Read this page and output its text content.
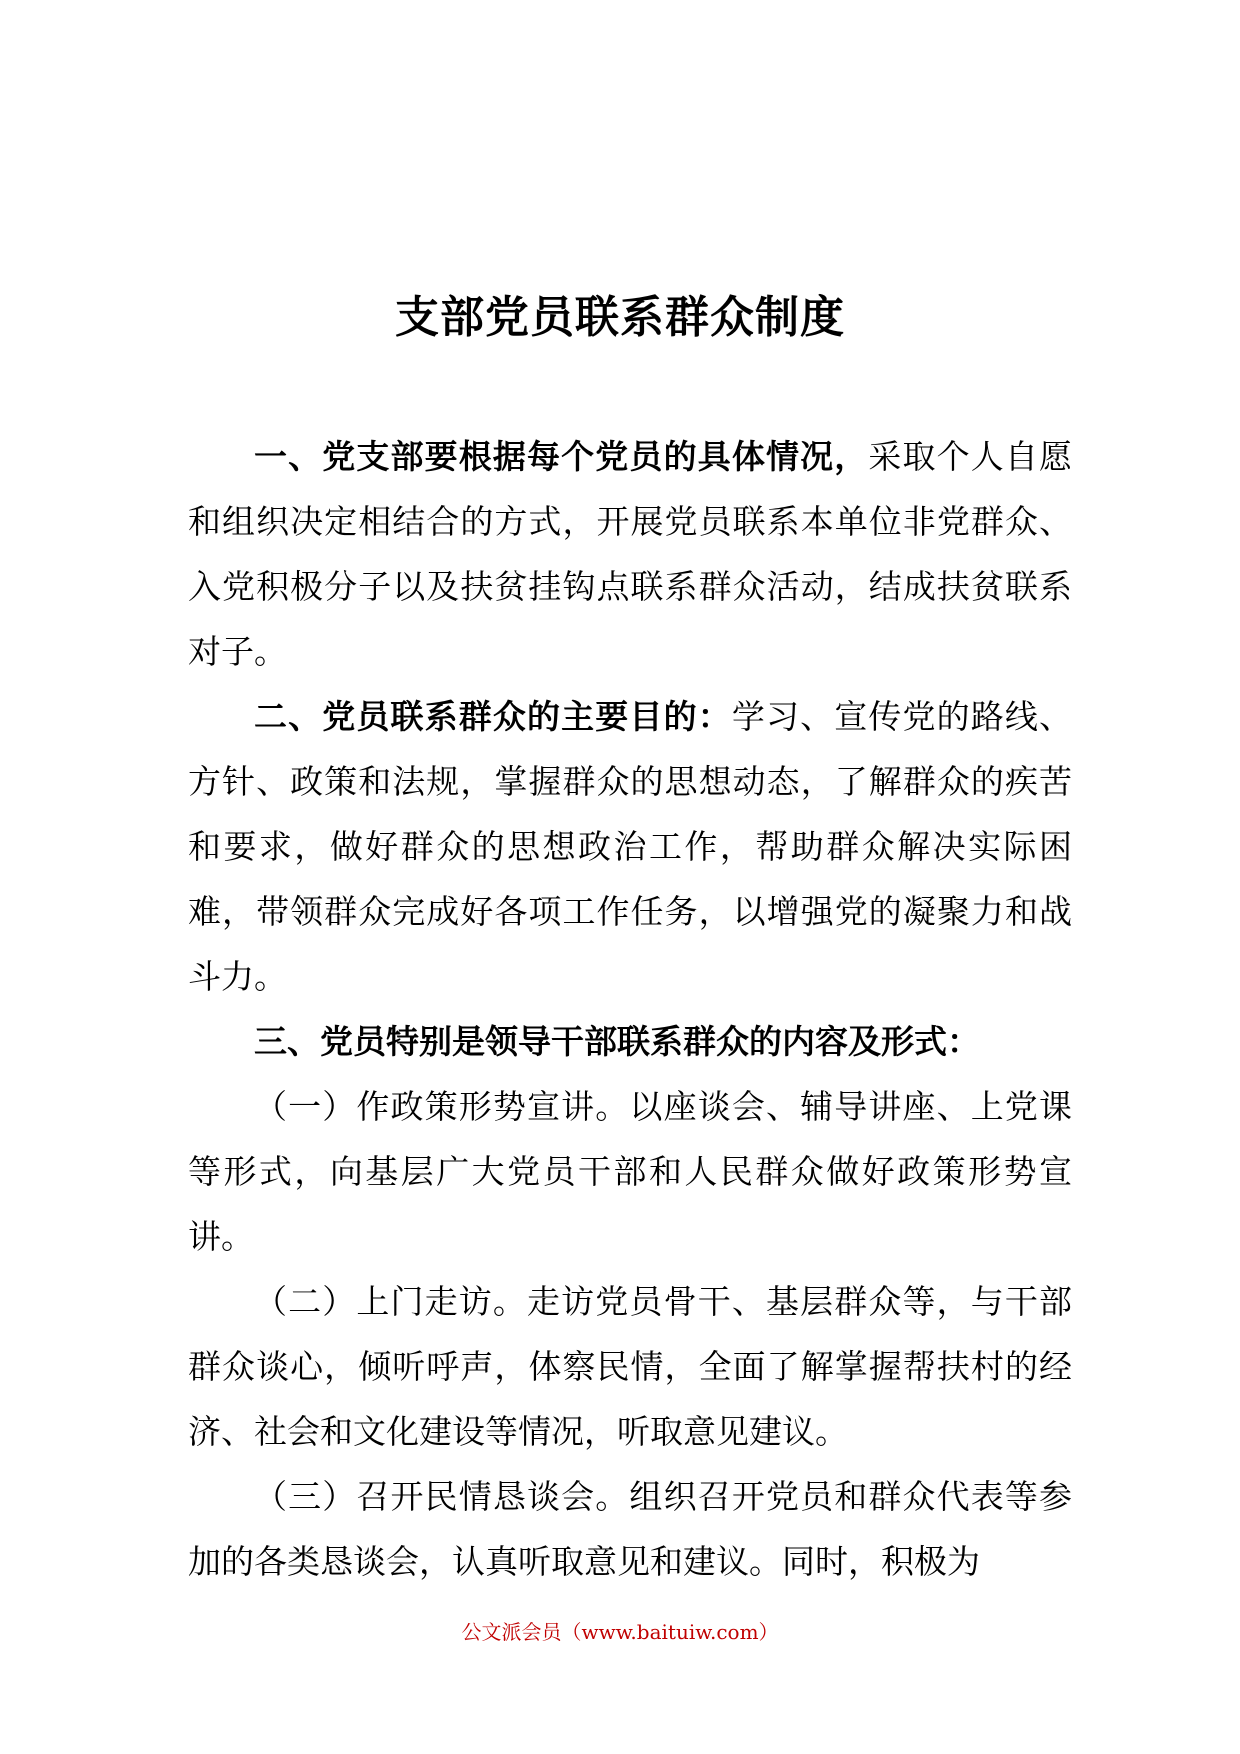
支部党员联系群众制度

一、党支部要根据每个党员的具体情况，采取个人自愿和组织决定相结合的方式，开展党员联系本单位非党群众、入党积极分子以及扶贫挂钩点联系群众活动，结成扶贫联系对子。

二、党员联系群众的主要目的：学习、宣传党的路线、方针、政策和法规，掌握群众的思想动态，了解群众的疾苦和要求，做好群众的思想政治工作，帮助群众解决实际困难，带领群众完成好各项工作任务，以增强党的凝聚力和战斗力。

三、党员特别是领导干部联系群众的内容及形式：

（一）作政策形势宣讲。以座谈会、辅导讲座、上党课等形式，向基层广大党员干部和人民群众做好政策形势宣讲。

（二）上门走访。走访党员骨干、基层群众等，与干部群众谈心，倾听呼声，体察民情，全面了解掌握帮扶村的经济、社会和文化建设等情况，听取意见建议。

（三）召开民情恳谈会。组织召开党员和群众代表等参加的各类恳谈会，认真听取意见和建议。同时，积极为

公文派会员（www.baituiw.com）
